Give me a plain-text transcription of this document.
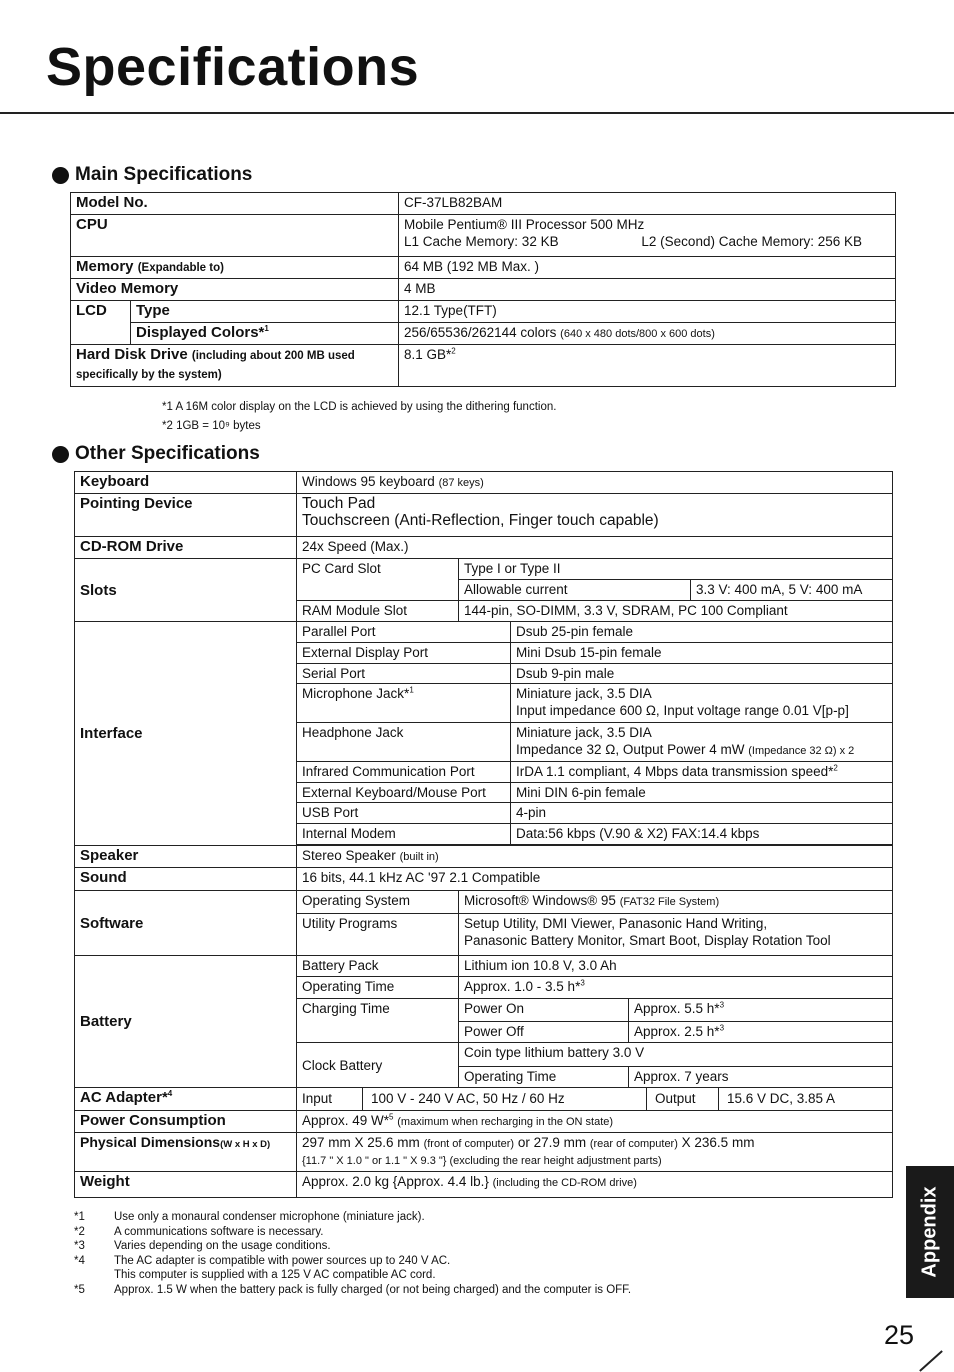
Specifications
Main Specifications
Model No.		CF-37LB82BAM
CPU		Mobile Pentium® III Processor 500 MHz
L1 Cache Memory: 32 KB L2 (Second) Cache Memory: 256 KB

Memory (Expandable to)		64 MB (192 MB Max. )
Video Memory		4 MB
LCD	Type	12.1 Type(TFT)
	Displayed Colors*$^1$	256/65536/262144 colors (640 x 480 dots/800 x 600 dots)
Hard Disk Drive (including about 200 MB used
specifically by the system)		8.1 GB*$^2$
*1 A 16M color display on the LCD is achieved by using the dithering function.
*2 1GB = 10⁹ bytes
Other Specifications
Keyboard	Windows 95 keyboard (87 keys)				
Pointing Device	Touch Pad
Touchscreen (Anti-Reflection, Finger touch capable)				

CD-ROM Drive	24x Speed (Max.)				
Slots	PC Card Slot	Type I or Type II			
		Allowable current			3.3 V: 400 mA, 5 V: 400 mA
	RAM Module Slot	144-pin, SO-DIMM, 3.3 V, SDRAM, PC 100 Compliant			
Interface	Parallel Port		Dsub 25-pin female		
	External Display Port		Mini Dsub 15-pin female		
	Serial Port		Dsub 9-pin male		
	Microphone Jack*$^1$		Miniature jack, 3.5 DIA
Input impedance 600 Ω, Input voltage range 0.01 V[p-p]		

	Headphone Jack		Miniature jack, 3.5 DIA
Impedance 32 Ω, Output Power 4 mW (Impedance 32 Ω) x 2		

	Infrared Communication Port		IrDA 1.1 compliant, 4 Mbps data transmission speed*$^2$
	External Keyboard/Mouse Port		Mini DIN 6-pin female		
	USB Port		4-pin		
	Internal Modem		Data:56 kbps (V.90 & X2) FAX:14.4 kbps		

Speaker	Stereo Speaker (built in)				
Sound	16 bits, 44.1 kHz AC '97 2.1 Compatible				
Software	Operating System	Microsoft® Windows® 95 (FAT32 File System)			
	Utility Programs	Setup Utility, DMI Viewer, Panasonic Hand Writing,
Panasonic Battery Monitor, Smart Boot, Display Rotation Tool			

Battery	Battery Pack	Lithium ion 10.8 V, 3.0 Ah			
	Operating Time	Approx. 1.0 - 3.5 h*$^3$
	Charging Time	Power On		Approx. 5.5 h*$^3$
		Power Off		Approx. 2.5 h*$^3$
	Clock Battery	Coin type lithium battery 3.0 V			
		Operating Time		Approx. 7 years	
AC Adapter*$^4$	Input 100 V - 240 V AC, 50 Hz / 60 Hz Output 15.6 V DC, 3.85 A				

Power Consumption	Approx. 49 W*$^5$ (maximum when recharging in the ON state)				
Physical Dimensions(W x H x D)	297 mm X 25.6 mm (front of computer) or 27.9 mm (rear of computer) X 236.5 mm
{11.7 " X 1.0 " or 1.1 " X 9.3 "} (excluding the rear height adjustment parts)				

Weight	Approx. 2.0 kg {Approx. 4.4 lb.} (including the CD-ROM drive)				
*1	Use only a monaural condenser microphone (miniature jack).
*2	A communications software is necessary.
*3	Varies depending on the usage conditions.
*4	The AC adapter is compatible with power sources up to 240 V AC.
This computer is supplied with a 125 V AC compatible AC cord.
*5	Approx. 1.5 W when the battery pack is fully charged (or not being charged) and the computer is OFF.
Appendix
25
